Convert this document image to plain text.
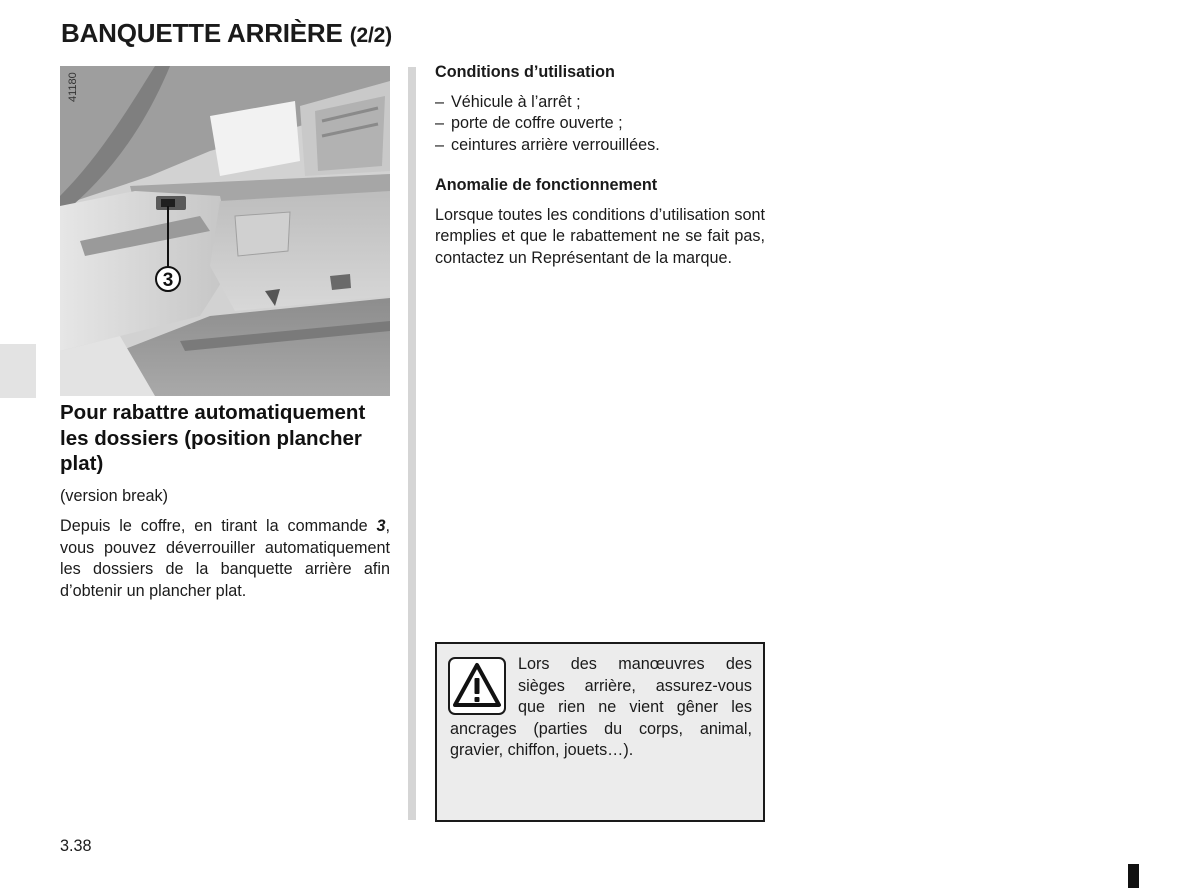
BANQUETTE ARRIÈRE (2/2)
3
41180
Pour rabattre automatiquement les dossiers (position plancher plat)

(version break)

Depuis le coffre, en tirant la commande 3, vous pouvez déverrouiller automatiquement les dossiers de la banquette arrière afin d’obtenir un plancher plat.

Conditions d’utilisation
– Véhicule à l’arrêt ;
– porte de coffre ouverte ;
– ceintures arrière verrouillées.
Anomalie de fonctionnement

Lorsque toutes les conditions d’utilisation sont remplies et que le rabattement ne se fait pas, contactez un Représentant de la marque.

Lors des manœuvres des sièges arrière, assurez-vous que rien ne vient gêner les ancrages (parties du corps, animal, gravier, chiffon, jouets…).

3.38
